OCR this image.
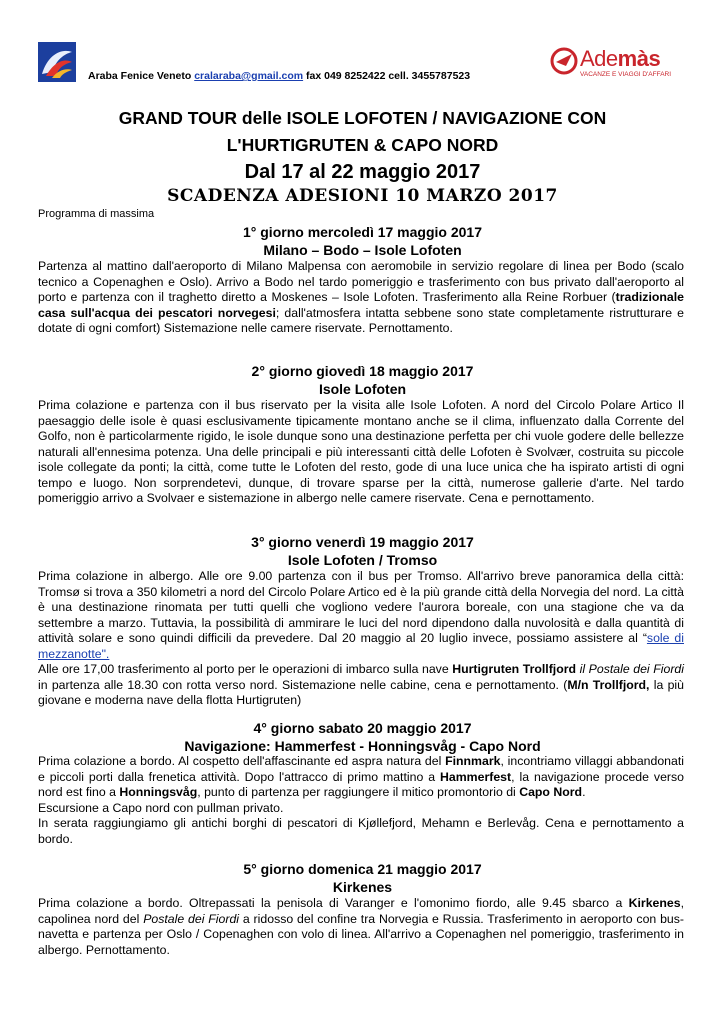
Araba Fenice Veneto cralaraba@gmail.com fax 049 8252422 cell. 3455787523
Ademàs
VACANZE E VIAGGI D'AFFARI
GRAND TOUR delle ISOLE LOFOTEN / NAVIGAZIONE CON
L'HURTIGRUTEN & CAPO NORD
Dal 17 al 22 maggio 2017
SCADENZA ADESIONI 10 MARZO 2017
Programma di massima
1° giorno mercoledì 17 maggio 2017
Milano – Bodo – Isole Lofoten

Partenza al mattino dall'aeroporto di Milano Malpensa con aeromobile in servizio regolare di linea per Bodo (scalo tecnico a Copenaghen e Oslo). Arrivo a Bodo nel tardo pomeriggio e trasferimento con bus privato dall'aeroporto al porto e partenza con il traghetto diretto a Moskenes – Isole Lofoten. Trasferimento alla Reine Rorbuer (tradizionale casa sull'acqua dei pescatori norvegesi; dall'atmosfera intatta sebbene sono state completamente ristrutturare e dotate di ogni comfort) Sistemazione nelle camere riservate. Pernottamento.

2° giorno giovedì 18 maggio 2017
Isole Lofoten
Prima colazione e partenza con il bus riservato per la visita alle Isole Lofoten. A nord del Circolo Polare Artico Il paesaggio delle isole è quasi esclusivamente tipicamente montano anche se il clima, influenzato dalla Corrente del Golfo, non è particolarmente rigido, le isole dunque sono una destinazione perfetta per chi vuole godere delle bellezze naturali all'ennesima potenza. Una delle principali e più interessanti città delle Lofoten è Svolvær, costruita su piccole isole collegate da ponti; la città, come tutte le Lofoten del resto, gode di una luce unica che ha ispirato artisti di ogni tempo e luogo. Non sorprendetevi, dunque, di trovare sparse per la città, numerose gallerie d'arte. Nel tardo pomeriggio arrivo a Svolvaer e sistemazione in albergo nelle camere riservate. Cena e pernottamento.
3° giorno venerdì 19 maggio 2017
Isole Lofoten / Tromso

Prima colazione in albergo. Alle ore 9.00 partenza con il bus per Tromso. All'arrivo breve panoramica della città: Tromsø si trova a 350 kilometri a nord del Circolo Polare Artico ed è la più grande città della Norvegia del nord. La città è una destinazione rinomata per tutti quelli che vogliono vedere l'aurora boreale, con una stagione che va da settembre a marzo. Tuttavia, la possibilità di ammirare le luci del nord dipendono dalla nuvolosità e dalla quantità di attività solare e sono quindi difficili da prevedere. Dal 20 maggio al 20 luglio invece, possiamo assistere al “sole di mezzanotte".

Alle ore 17,00 trasferimento al porto per le operazioni di imbarco sulla nave Hurtigruten Trollfjord il Postale dei Fiordi in partenza alle 18.30 con rotta verso nord. Sistemazione nelle cabine, cena e pernottamento. (M/n Trollfjord, la più giovane e moderna nave della flotta Hurtigruten)

4° giorno sabato 20 maggio 2017
Navigazione: Hammerfest - Honningsvåg - Capo Nord

Prima colazione a bordo. Al cospetto dell'affascinante ed aspra natura del Finnmark, incontriamo villaggi abbandonati e piccoli porti dalla frenetica attività. Dopo l'attracco di primo mattino a Hammerfest, la navigazione procede verso nord est fino a Honningsvåg, punto di partenza per raggiungere il mitico promontorio di Capo Nord.

Escursione a Capo nord con pullman privato.

In serata raggiungiamo gli antichi borghi di pescatori di Kjøllefjord, Mehamn e Berlevåg. Cena e pernottamento a bordo.

5° giorno domenica 21 maggio 2017
Kirkenes

Prima colazione a bordo. Oltrepassati la penisola di Varanger e l'omonimo fiordo, alle 9.45 sbarco a Kirkenes, capolinea nord del Postale dei Fiordi a ridosso del confine tra Norvegia e Russia. Trasferimento in aeroporto con bus-navetta e partenza per Oslo / Copenaghen con volo di linea. All'arrivo a Copenaghen nel pomeriggio, trasferimento in albergo. Pernottamento.
